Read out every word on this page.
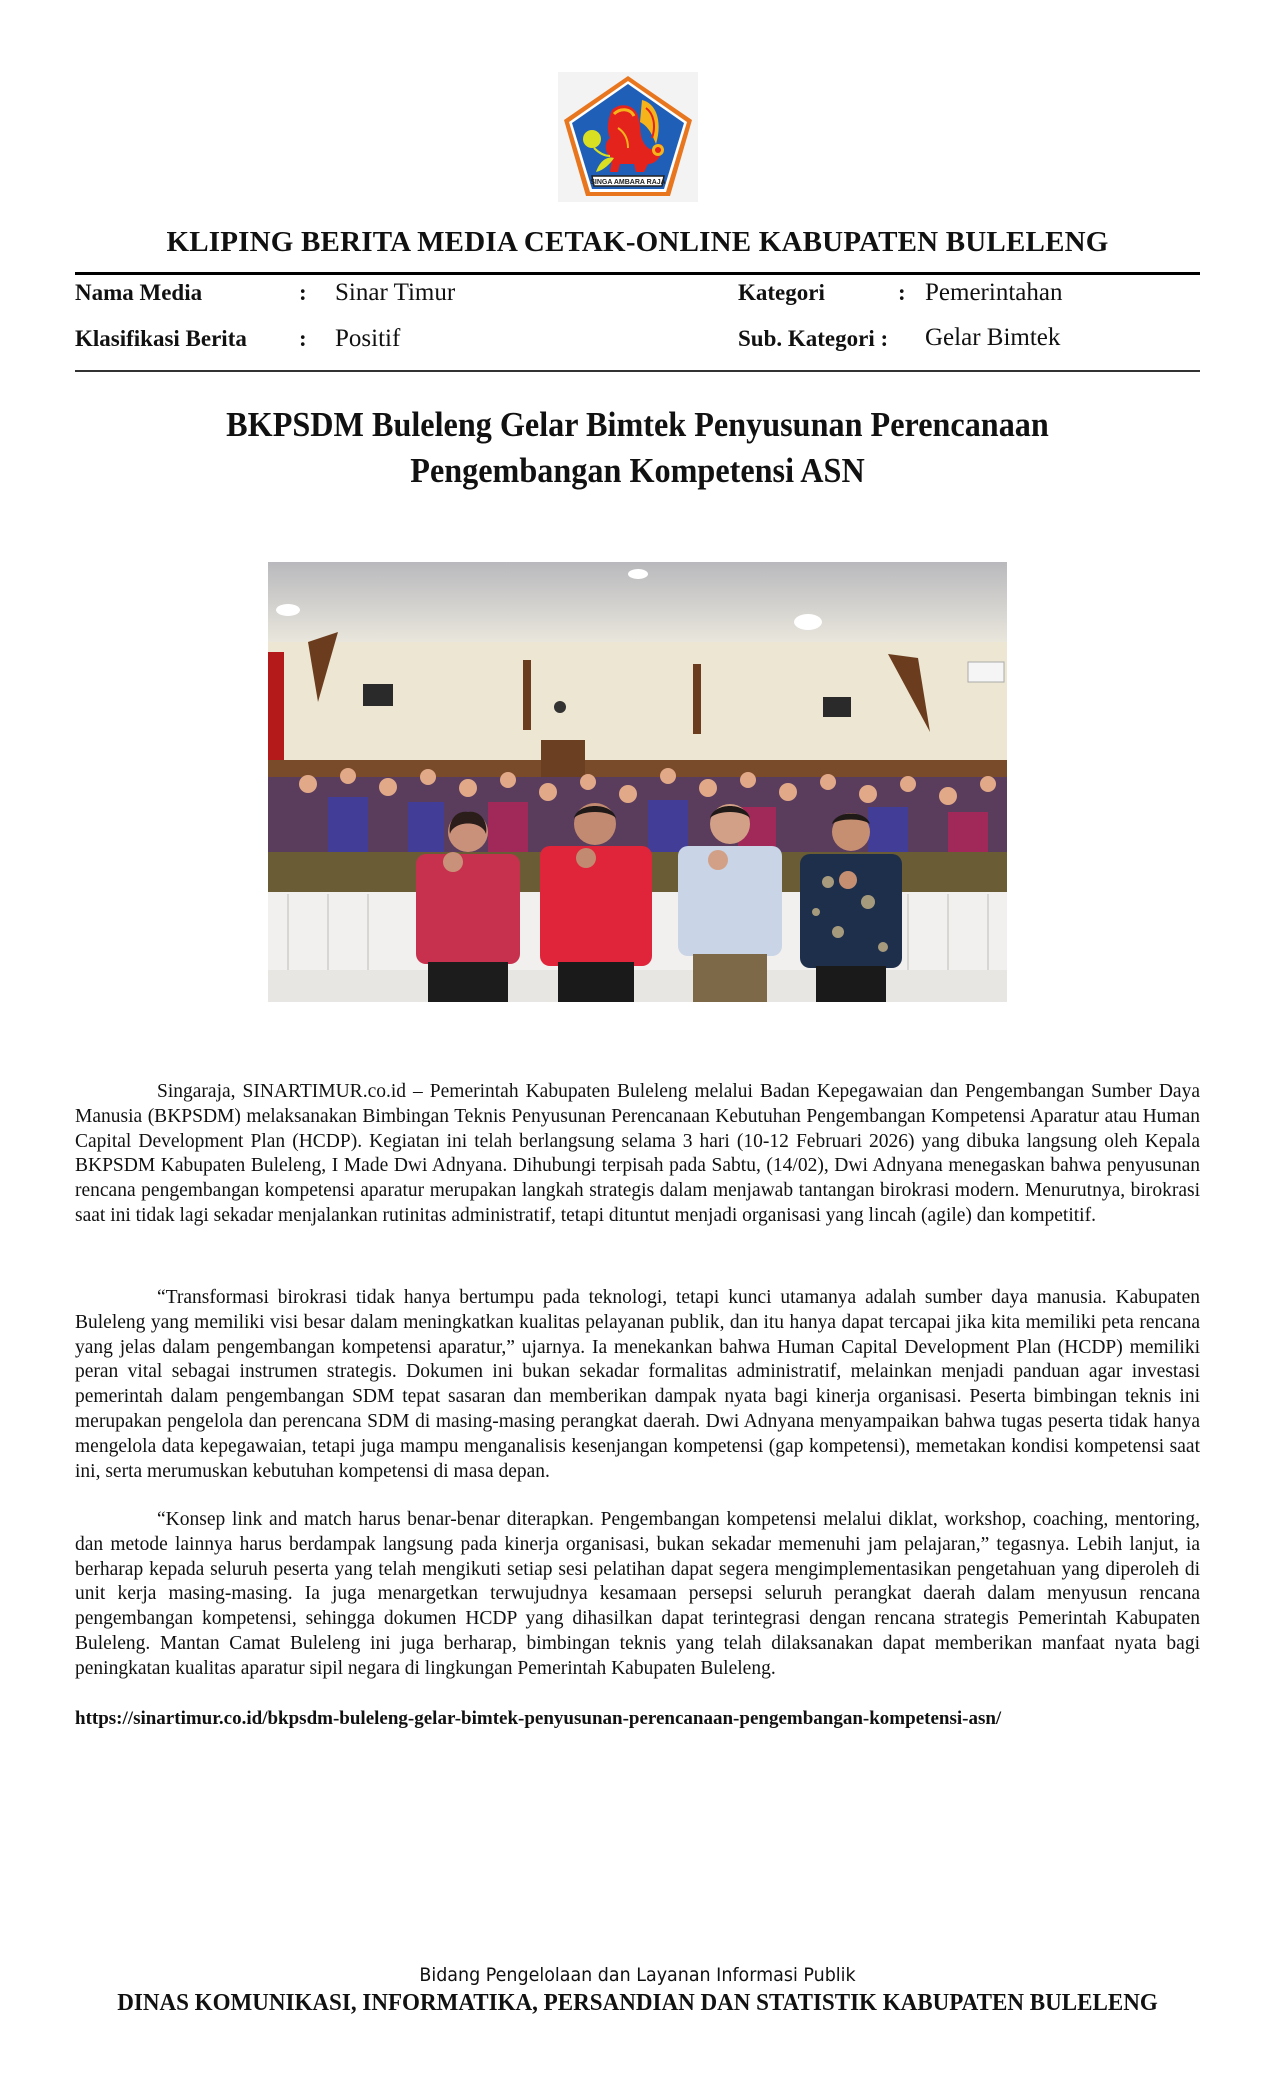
SINGA AMBARA RAJA
KLIPING BERITA MEDIA CETAK-ONLINE KABUPATEN BULELENG
Nama Media	: Sinar Timur
Klasifikasi Berita : Positif
Kategori	: Pemerintahan
Sub. Kategori : Gelar Bimtek
BKPSDM Buleleng Gelar Bimtek Penyusunan Perencanaan
Pengembangan Kompetensi ASN

Singaraja, SINARTIMUR.co.id – Pemerintah Kabupaten Buleleng melalui Badan Kepegawaian dan Pengembangan Sumber Daya Manusia (BKPSDM) melaksanakan Bimbingan Teknis Penyusunan Perencanaan Kebutuhan Pengembangan Kompetensi Aparatur atau Human Capital Development Plan (HCDP). Kegiatan ini telah berlangsung selama 3 hari (10-12 Februari 2026) yang dibuka langsung oleh Kepala BKPSDM Kabupaten Buleleng, I Made Dwi Adnyana. Dihubungi terpisah pada Sabtu, (14/02), Dwi Adnyana menegaskan bahwa penyusunan rencana pengembangan kompetensi aparatur merupakan langkah strategis dalam menjawab tantangan birokrasi modern. Menurutnya, birokrasi saat ini tidak lagi sekadar menjalankan rutinitas administratif, tetapi dituntut menjadi organisasi yang lincah (agile) dan kompetitif.

“Transformasi birokrasi tidak hanya bertumpu pada teknologi, tetapi kunci utamanya adalah sumber daya manusia. Kabupaten Buleleng yang memiliki visi besar dalam meningkatkan kualitas pelayanan publik, dan itu hanya dapat tercapai jika kita memiliki peta rencana yang jelas dalam pengembangan kompetensi aparatur,” ujarnya. Ia menekankan bahwa Human Capital Development Plan (HCDP) memiliki peran vital sebagai instrumen strategis. Dokumen ini bukan sekadar formalitas administratif, melainkan menjadi panduan agar investasi pemerintah dalam pengembangan SDM tepat sasaran dan memberikan dampak nyata bagi kinerja organisasi. Peserta bimbingan teknis ini merupakan pengelola dan perencana SDM di masing-masing perangkat daerah. Dwi Adnyana menyampaikan bahwa tugas peserta tidak hanya mengelola data kepegawaian, tetapi juga mampu menganalisis kesenjangan kompetensi (gap kompetensi), memetakan kondisi kompetensi saat ini, serta merumuskan kebutuhan kompetensi di masa depan.

“Konsep link and match harus benar-benar diterapkan. Pengembangan kompetensi melalui diklat, workshop, coaching, mentoring, dan metode lainnya harus berdampak langsung pada kinerja organisasi, bukan sekadar memenuhi jam pelajaran,” tegasnya. Lebih lanjut, ia berharap kepada seluruh peserta yang telah mengikuti setiap sesi pelatihan dapat segera mengimplementasikan pengetahuan yang diperoleh di unit kerja masing-masing. Ia juga menargetkan terwujudnya kesamaan persepsi seluruh perangkat daerah dalam menyusun rencana pengembangan kompetensi, sehingga dokumen HCDP yang dihasilkan dapat terintegrasi dengan rencana strategis Pemerintah Kabupaten Buleleng. Mantan Camat Buleleng ini juga berharap, bimbingan teknis yang telah dilaksanakan dapat memberikan manfaat nyata bagi peningkatan kualitas aparatur sipil negara di lingkungan Pemerintah Kabupaten Buleleng.

https://sinartimur.co.id/bkpsdm-buleleng-gelar-bimtek-penyusunan-perencanaan-pengembangan-kompetensi-asn/
Bidang Pengelolaan dan Layanan Informasi Publik
DINAS KOMUNIKASI, INFORMATIKA, PERSANDIAN DAN STATISTIK KABUPATEN BULELENG
